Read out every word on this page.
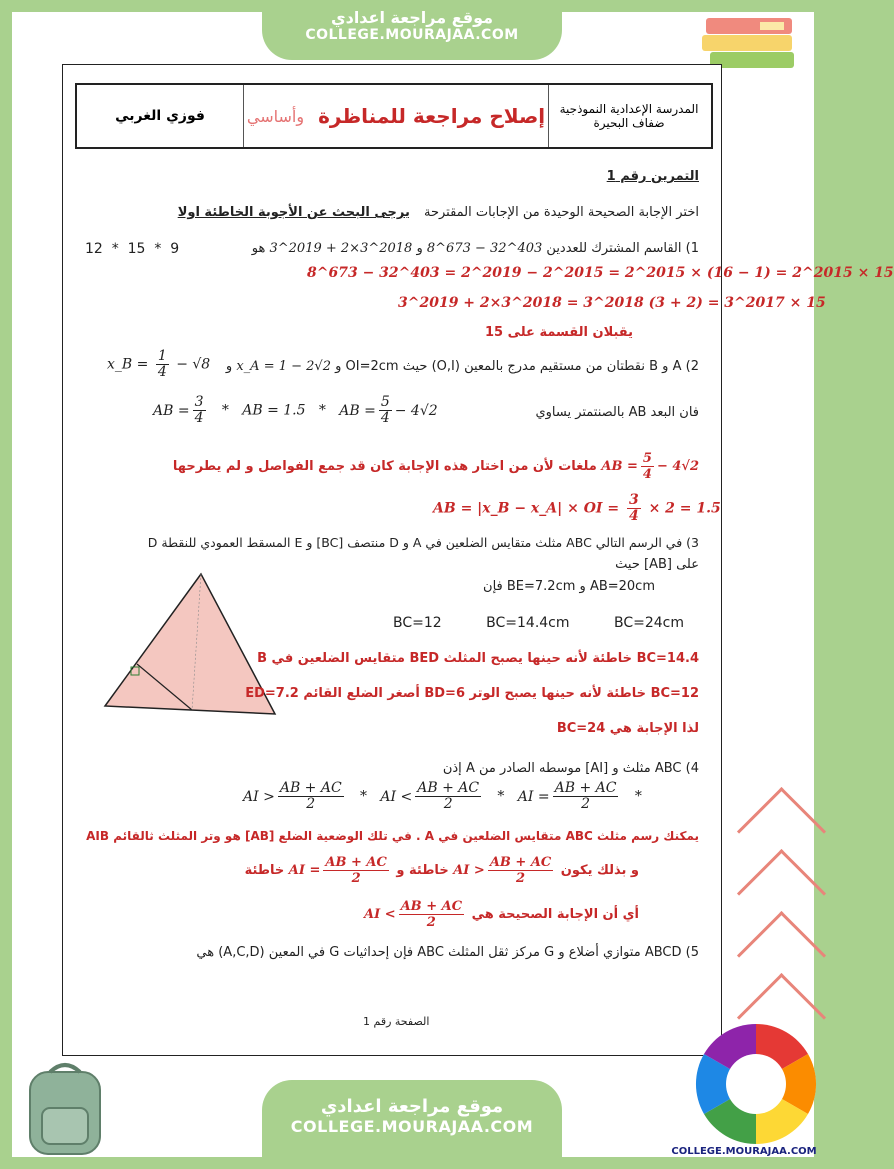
موقع مراجعة اعدادي
COLLEGE.MOURAJAA.COM
فوزي الغربي	إصلاح مراجعة للمناظرة
وأساسي	المدرسة الإعدادية النموذجية
ضفاف البحيرة
التمرين رقم 1
اختر الإجابة الصحيحة الوحيدة من الإجابات المقترحة يرجى البحث عن الأجوبة الخاطئة اولا
1) القاسم المشترك للعددين 8^673 − 32^403 و 3^2019 + 2×3^2018 هو
12  *  15  *  9
8^673 − 32^403 = 2^2019 − 2^2015 = 2^2015 × (16 − 1) = 2^2015 × 15
3^2019 + 2×3^2018 = 3^2018 (3 + 2) = 3^2017 × 15
يقبلان القسمة على 15
2) A و B نقطتان من مستقيم مدرج بالمعين (O,I) حيث OI=2cm و x_A = 1 − 2√2 و
x_B = $\frac{1}{4} - √8$
فان البعد AB بالصنتمتر يساوي
AB = $\frac{3}{4}$ *   AB = 1.5   *   AB = $\frac{5}{4} - 4√2$
AB = $\frac{5}{4} - 4√2$ ملغات لأن من اختار هذه الإجابة كان قد جمع الفواصل و لم يطرحها
AB = |x_B − x_A| × OI = $\frac{3}{4} \times 2 = 1.5$
3) في الرسم التالي ABC مثلث متقايس الضلعين في A و D منتصف [BC] و E المسقط العمودي للنقطة D
على [AB] حيث
AB=20cm و BE=7.2cm فإن
BC=12	BC=14.4cm	BC=24cm
BC=14.4 خاطئة لأنه حينها يصبح المثلث BED متقايس الضلعين في B
BC=12 خاطئة لأنه حينها يصبح الوتر BD=6 أصغر الضلع القائم ED=7.2
لذا الإجابة هي BC=24
4) ABC مثلث و [AI] موسطه الصادر من A إذن
AI > $\frac{AB + AC}{2}$ *   AI < $\frac{AB + AC}{2}$ *   AI = $\frac{AB + AC}{2}$ *
يمكنك رسم مثلث ABC متقايس الضلعين في A . في تلك الوضعية الضلع [AB] هو وتر المثلث ثالقائم AIB
و بذلك يكون AI > $\frac{AB + AC}{2}$
خاطئة و AI = $\frac{AB + AC}{2}$
خاطئة
أي أن الإجابة الصحيحة هي AI < $\frac{AB + AC}{2}$
5) ABCD متوازي أضلاع و G مركز ثقل المثلث ABC فإن إحداثيات G في المعين (A,C,D) هي
الصفحة رقم 1
موقع مراجعة اعدادي
COLLEGE.MOURAJAA.COM
COLLEGE.MOURAJAA.COM
